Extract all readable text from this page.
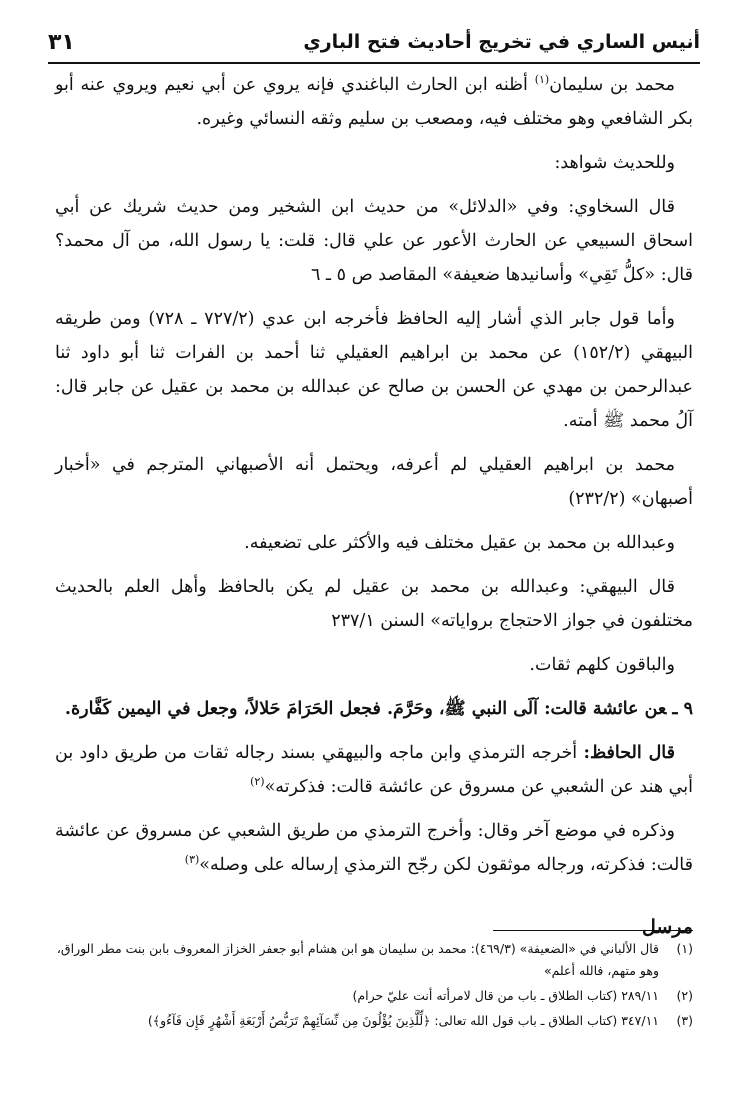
أنيس الساري في تخريج أحاديث فتح الباري
٣١

محمد بن سليمان$^{(١)}$ أظنه ابن الحارث الباغندي فإنه يروي عن أبي نعيم ويروي عنه أبو بكر الشافعي وهو مختلف فيه، ومصعب بن سليم وثقه النسائي وغيره.

وللحديث شواهد:

قال السخاوي: وفي «الدلائل» من حديث ابن الشخير ومن حديث شريك عن أبي اسحاق السبيعي عن الحارث الأعور عن علي قال: قلت: يا رسول الله، من آل محمد؟ قال: «كلُّ تَقِي» وأسانيدها ضعيفة» المقاصد ص ٥ ـ ٦

وأما قول جابر الذي أشار إليه الحافظ فأخرجه ابن عدي (٧٢٧/٢ ـ ٧٢٨) ومن طريقه البيهقي (١٥٢/٢) عن محمد بن ابراهيم العقيلي ثنا أحمد بن الفرات ثنا أبو داود ثنا عبدالرحمن بن مهدي عن الحسن بن صالح عن عبدالله بن محمد بن عقيل عن جابر قال: آلُ محمد ﷺ أمته.

محمد بن ابراهيم العقيلي لم أعرفه، ويحتمل أنه الأصبهاني المترجم في «أخبار أصبهان» (٢٣٢/٢)

وعبدالله بن محمد بن عقيل مختلف فيه والأكثر على تضعيفه.

قال البيهقي: وعبدالله بن محمد بن عقيل لم يكن بالحافظ وأهل العلم بالحديث مختلفون في جواز الاحتجاج برواياته» السنن ٢٣٧/١

والباقون كلهم ثقات.

٩ ـعن عائشة قالت: آلَى النبي ﷺ، وحَرَّمَ. فجعل الحَرَامَ حَلالاً، وجعل في اليمين كَفَّارة.

قال الحافظ: أخرجه الترمذي وابن ماجه والبيهقي بسند رجاله ثقات من طريق داود بن أبي هند عن الشعبي عن مسروق عن عائشة قالت: فذكرته»$^{(٢)}$

وذكره في موضع آخر وقال: وأخرج الترمذي من طريق الشعبي عن مسروق عن عائشة قالت: فذكرته، ورجاله موثقون لكن رجّح الترمذي إرساله على وصله»$^{(٣)}$

مرسل
(١)
قال الألباني في «الضعيفة» (٤٦٩/٣): محمد بن سليمان هو ابن هشام أبو جعفر الخزاز المعروف بابن بنت مطر الوراق، وهو متهم، فالله أعلم»
(٢)
٢٨٩/١١ (كتاب الطلاق ـ باب من قال لامرأته أنت عليّ حرام)
(٣)
٣٤٧/١١ (كتاب الطلاق ـ باب قول الله تعالى: ﴿لِّلَّذِينَ يُؤْلُونَ مِن نِّسَآئِهِمْ تَرَبُّصُ أَرْبَعَةِ أَشْهُرٍ فَإِن فَآءُو﴾)
